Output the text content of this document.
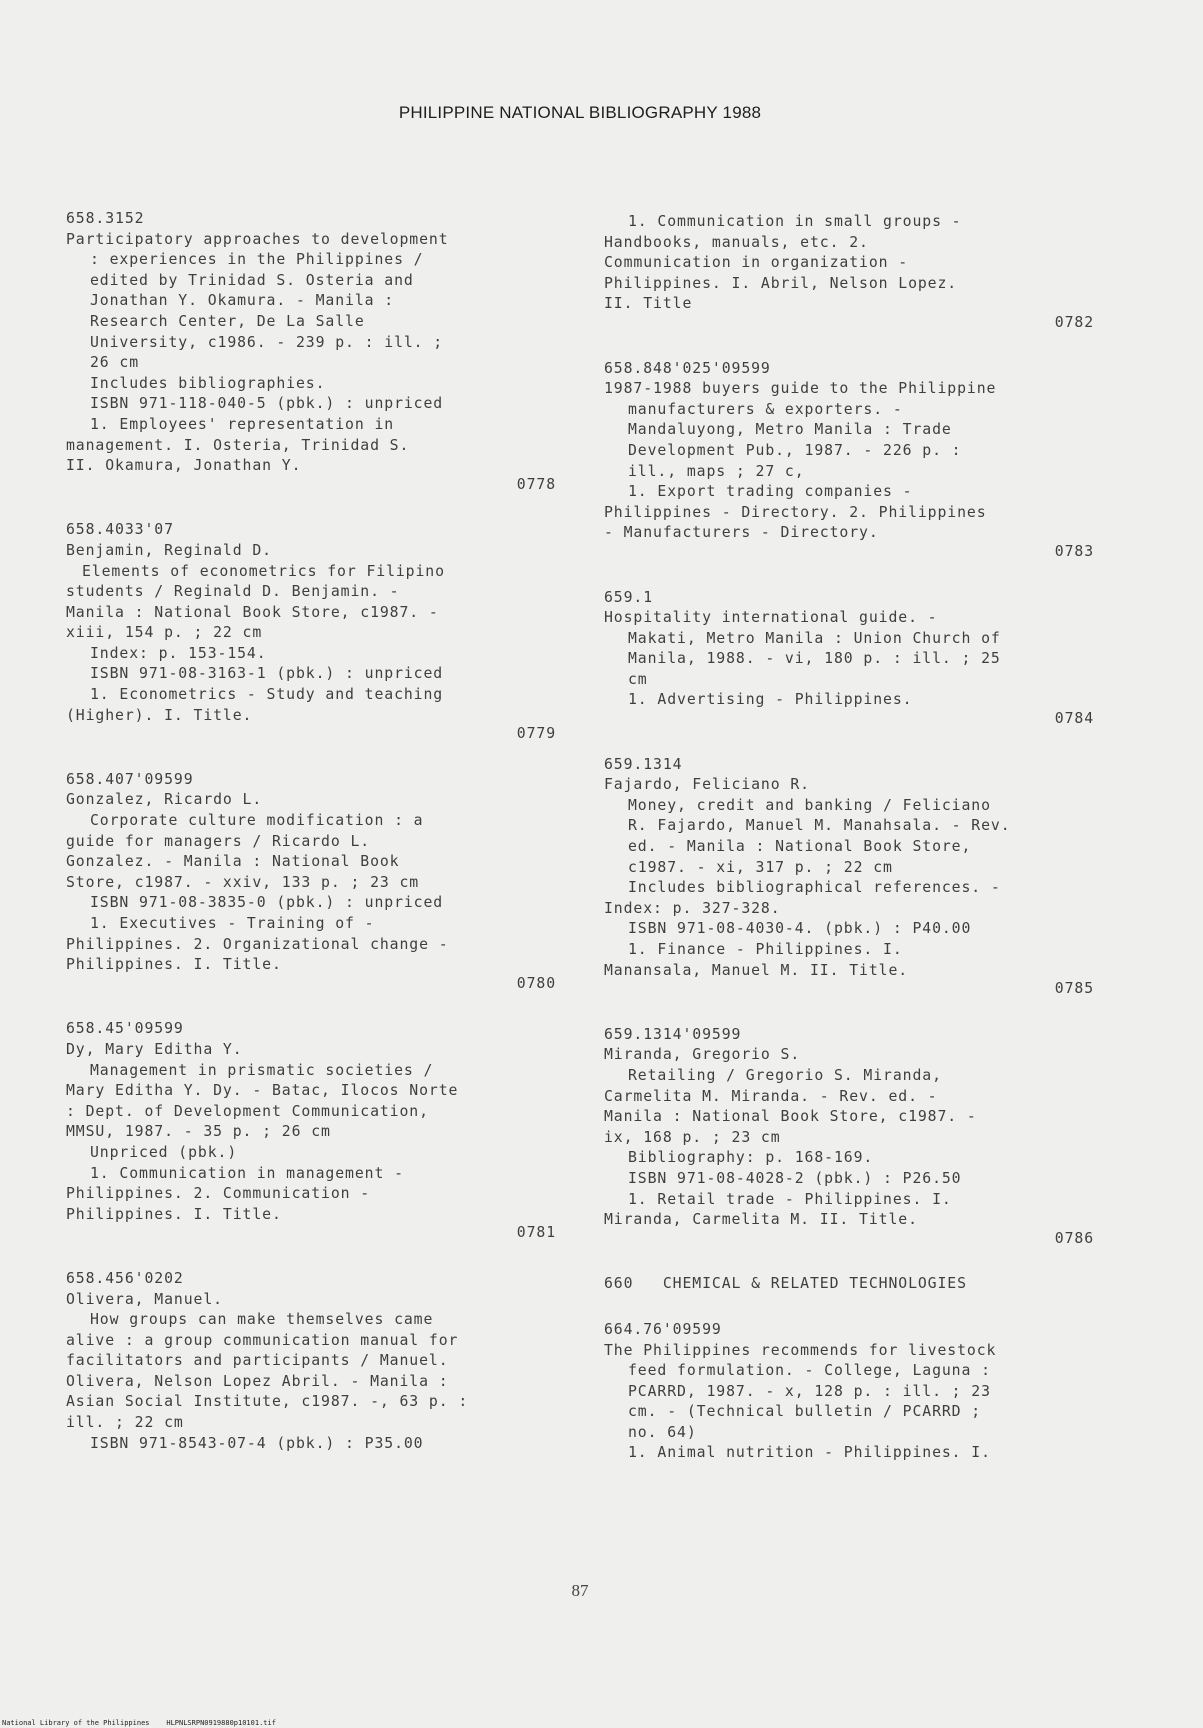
PHILIPPINE NATIONAL BIBLIOGRAPHY 1988
658.3152
Participatory approaches to development
: experiences in the Philippines /
edited by Trinidad S. Osteria and
Jonathan Y. Okamura. - Manila :
Research Center, De La Salle
University, c1986. - 239 p. : ill. ;
26 cm
Includes bibliographies.
ISBN 971-118-040-5 (pbk.) : unpriced
1. Employees' representation in
management. I. Osteria, Trinidad S.
II. Okamura, Jonathan Y.
0778
658.4033'07
Benjamin, Reginald D.
Elements of econometrics for Filipino
students / Reginald D. Benjamin. -
Manila : National Book Store, c1987. -
xiii, 154 p. ; 22 cm
Index: p. 153-154.
ISBN 971-08-3163-1 (pbk.) : unpriced
1. Econometrics - Study and teaching
(Higher). I. Title.
0779
658.407'09599
Gonzalez, Ricardo L.
Corporate culture modification : a
guide for managers / Ricardo L.
Gonzalez. - Manila : National Book
Store, c1987. - xxiv, 133 p. ; 23 cm
ISBN 971-08-3835-0 (pbk.) : unpriced
1. Executives - Training of -
Philippines. 2. Organizational change -
Philippines. I. Title.
0780
658.45'09599
Dy, Mary Editha Y.
Management in prismatic societies /
Mary Editha Y. Dy. - Batac, Ilocos Norte
: Dept. of Development Communication,
MMSU, 1987. - 35 p. ; 26 cm
Unpriced (pbk.)
1. Communication in management -
Philippines. 2. Communication -
Philippines. I. Title.
0781
658.456'0202
Olivera, Manuel.
How groups can make themselves came
alive : a group communication manual for
facilitators and participants / Manuel.
Olivera, Nelson Lopez Abril. - Manila :
Asian Social Institute, c1987. -, 63 p. :
ill. ; 22 cm
ISBN 971-8543-07-4 (pbk.) : P35.00
1. Communication in small groups -
Handbooks, manuals, etc. 2.
Communication in organization -
Philippines. I. Abril, Nelson Lopez.
II. Title
0782
658.848'025'09599
1987-1988 buyers guide to the Philippine
manufacturers & exporters. -
Mandaluyong, Metro Manila : Trade
Development Pub., 1987. - 226 p. :
ill., maps ; 27 c,
1. Export trading companies -
Philippines - Directory. 2. Philippines
- Manufacturers - Directory.
0783
659.1
Hospitality international guide. -
Makati, Metro Manila : Union Church of
Manila, 1988. - vi, 180 p. : ill. ; 25
cm
1. Advertising - Philippines.
0784
659.1314
Fajardo, Feliciano R.
Money, credit and banking / Feliciano
R. Fajardo, Manuel M. Manahsala. - Rev.
ed. - Manila : National Book Store,
c1987. - xi, 317 p. ; 22 cm
Includes bibliographical references. -
Index: p. 327-328.
ISBN 971-08-4030-4. (pbk.) : P40.00
1. Finance - Philippines. I.
Manansala, Manuel M. II. Title.
0785
659.1314'09599
Miranda, Gregorio S.
Retailing / Gregorio S. Miranda,
Carmelita M. Miranda. - Rev. ed. -
Manila : National Book Store, c1987. -
ix, 168 p. ; 23 cm
Bibliography: p. 168-169.
ISBN 971-08-4028-2 (pbk.) : P26.50
1. Retail trade - Philippines. I.
Miranda, Carmelita M. II. Title.
0786
660   CHEMICAL & RELATED TECHNOLOGIES
664.76'09599
The Philippines recommends for livestock
feed formulation. - College, Laguna :
PCARRD, 1987. - x, 128 p. : ill. ; 23
cm. - (Technical bulletin / PCARRD ;
no. 64)
1. Animal nutrition - Philippines. I.
87
National Library of the Philippines    HLPNLSRPN0919880p10101.tif
